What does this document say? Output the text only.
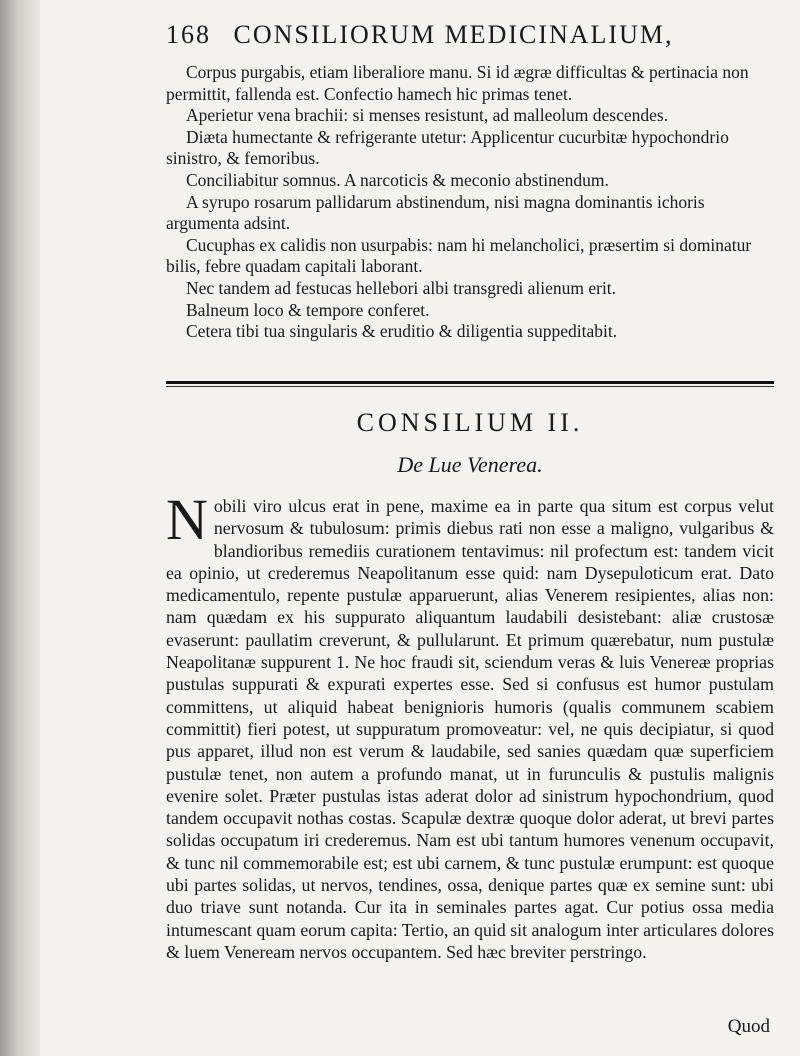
168 CONSILIORUM MEDICINALIUM,

Corpus purgabis, etiam liberaliore manu. Si id ægræ difficultas & pertinacia non permittit, fallenda est. Confectio hamech hic primas tenet.

Aperietur vena brachii: si menses resistunt, ad malleolum descendes.

Diæta humectante & refrigerante utetur: Applicentur cucurbitæ hypochondrio sinistro, & femoribus.

Conciliabitur somnus. A narcoticis & meconio abstinendum.

A syrupo rosarum pallidarum abstinendum, nisi magna dominantis ichoris argumenta adsint.

Cucuphas ex calidis non usurpabis: nam hi melancholici, præsertim si dominatur bilis, febre quadam capitali laborant.

Nec tandem ad festucas hellebori albi transgredi alienum erit.

Balneum loco & tempore conferet.

Cetera tibi tua singularis & eruditio & diligentia suppeditabit.

CONSILIUM II.
De Lue Venerea.
Nobili viro ulcus erat in pene, maxime ea in parte qua situm est corpus velut nervosum & tubulosum: primis diebus rati non esse a maligno, vulgaribus & blandioribus remediis curationem tentavimus: nil profectum est: tandem vicit ea opinio, ut crederemus Neapolitanum esse quid: nam Dysepuloticum erat. Dato medicamentulo, repente pustulæ apparuerunt, alias Venerem resipientes, alias non: nam quædam ex his suppurato aliquantum laudabili desistebant: aliæ crustosæ evaserunt: paullatim creverunt, & pullularunt. Et primum quærebatur, num pustulæ Neapolitanæ suppurent 1. Ne hoc fraudi sit, sciendum veras & luis Venereæ proprias pustulas suppurati & expurati expertes esse. Sed si confusus est humor pustulam committens, ut aliquid habeat benignioris humoris (qualis communem scabiem committit) fieri potest, ut suppuratum promoveatur: vel, ne quis decipiatur, si quod pus apparet, illud non est verum & laudabile, sed sanies quædam quæ superficiem pustulæ tenet, non autem a profundo manat, ut in furunculis & pustulis malignis evenire solet. Præter pustulas istas aderat dolor ad sinistrum hypochondrium, quod tandem occupavit nothas costas. Scapulæ dextræ quoque dolor aderat, ut brevi partes solidas occupatum iri crederemus. Nam est ubi tantum humores venenum occupavit, & tunc nil commemorabile est; est ubi carnem, & tunc pustulæ erumpunt: est quoque ubi partes solidas, ut nervos, tendines, ossa, denique partes quæ ex semine sunt: ubi duo triave sunt notanda. Cur ita in seminales partes agat. Cur potius ossa media intumescant quam eorum capita: Tertio, an quid sit analogum inter articulares dolores & luem Veneream nervos occupantem. Sed hæc breviter perstringo.
Quod
